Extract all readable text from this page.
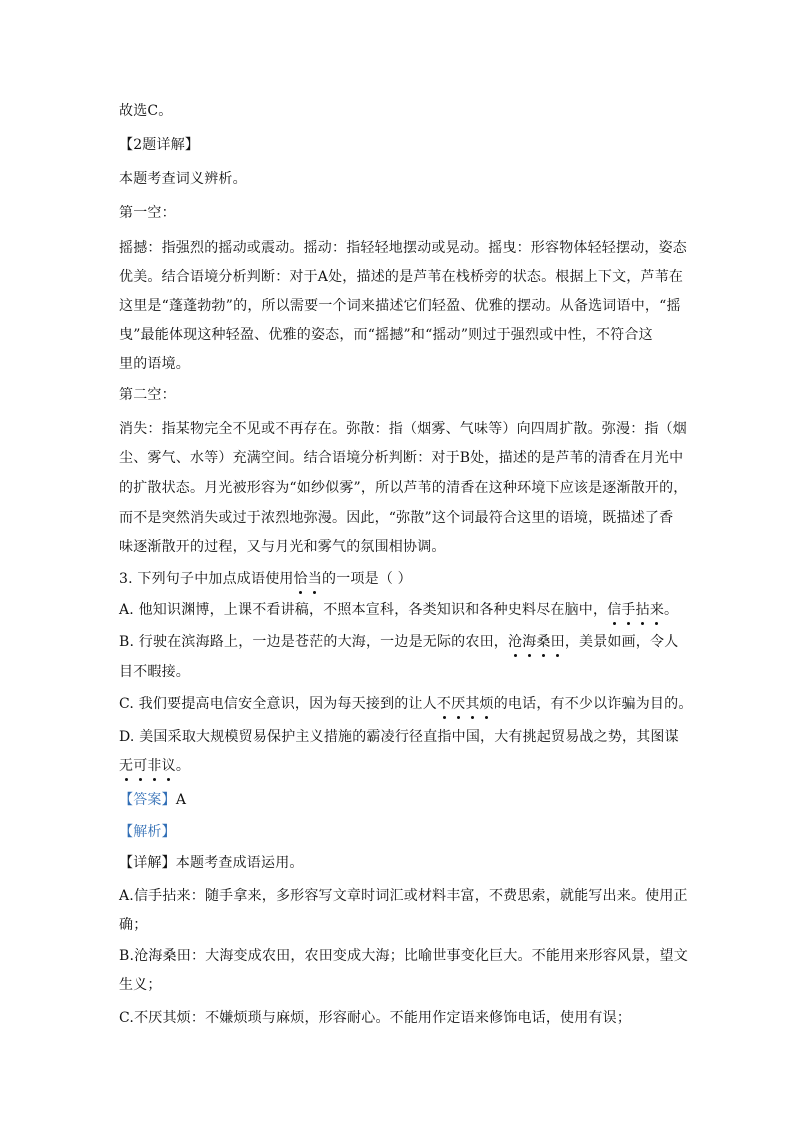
故选C。
【2题详解】
本题考查词义辨析。
第一空：
摇撼：指强烈的摇动或震动。摇动：指轻轻地摆动或晃动。摇曳：形容物体轻轻摆动，姿态
优美。结合语境分析判断：对于A处，描述的是芦苇在栈桥旁的状态。根据上下文，芦苇在
这里是“蓬蓬勃勃”的，所以需要一个词来描述它们轻盈、优雅的摆动。从备选词语中，“摇
曳”最能体现这种轻盈、优雅的姿态，而“摇撼”和“摇动”则过于强烈或中性，不符合这
里的语境。
第二空：
消失：指某物完全不见或不再存在。弥散：指（烟雾、气味等）向四周扩散。弥漫：指（烟
尘、雾气、水等）充满空间。结合语境分析判断：对于B处，描述的是芦苇的清香在月光中
的扩散状态。月光被形容为“如纱似雾”，所以芦苇的清香在这种环境下应该是逐渐散开的，
而不是突然消失或过于浓烈地弥漫。因此，“弥散”这个词最符合这里的语境，既描述了香
味逐渐散开的过程，又与月光和雾气的氛围相协调。
3. 下列句子中加点成语使用恰当的一项是（ ）
A. 他知识渊博，上课不看讲稿，不照本宣科，各类知识和各种史料尽在脑中，信手拈来。
B. 行驶在滨海路上，一边是苍茫的大海，一边是无际的农田，沧海桑田，美景如画，令人
目不暇接。
C. 我们要提高电信安全意识，因为每天接到的让人不厌其烦的电话，有不少以诈骗为目的。
D. 美国采取大规模贸易保护主义措施的霸凌行径直指中国，大有挑起贸易战之势，其图谋
无可非议。
【答案】A
【解析】
【详解】本题考查成语运用。
A.信手拈来：随手拿来，多形容写文章时词汇或材料丰富，不费思索，就能写出来。使用正
确；
B.沧海桑田：大海变成农田，农田变成大海；比喻世事变化巨大。不能用来形容风景，望文
生义；
C.不厌其烦：不嫌烦琐与麻烦，形容耐心。不能用作定语来修饰电话，使用有误；
